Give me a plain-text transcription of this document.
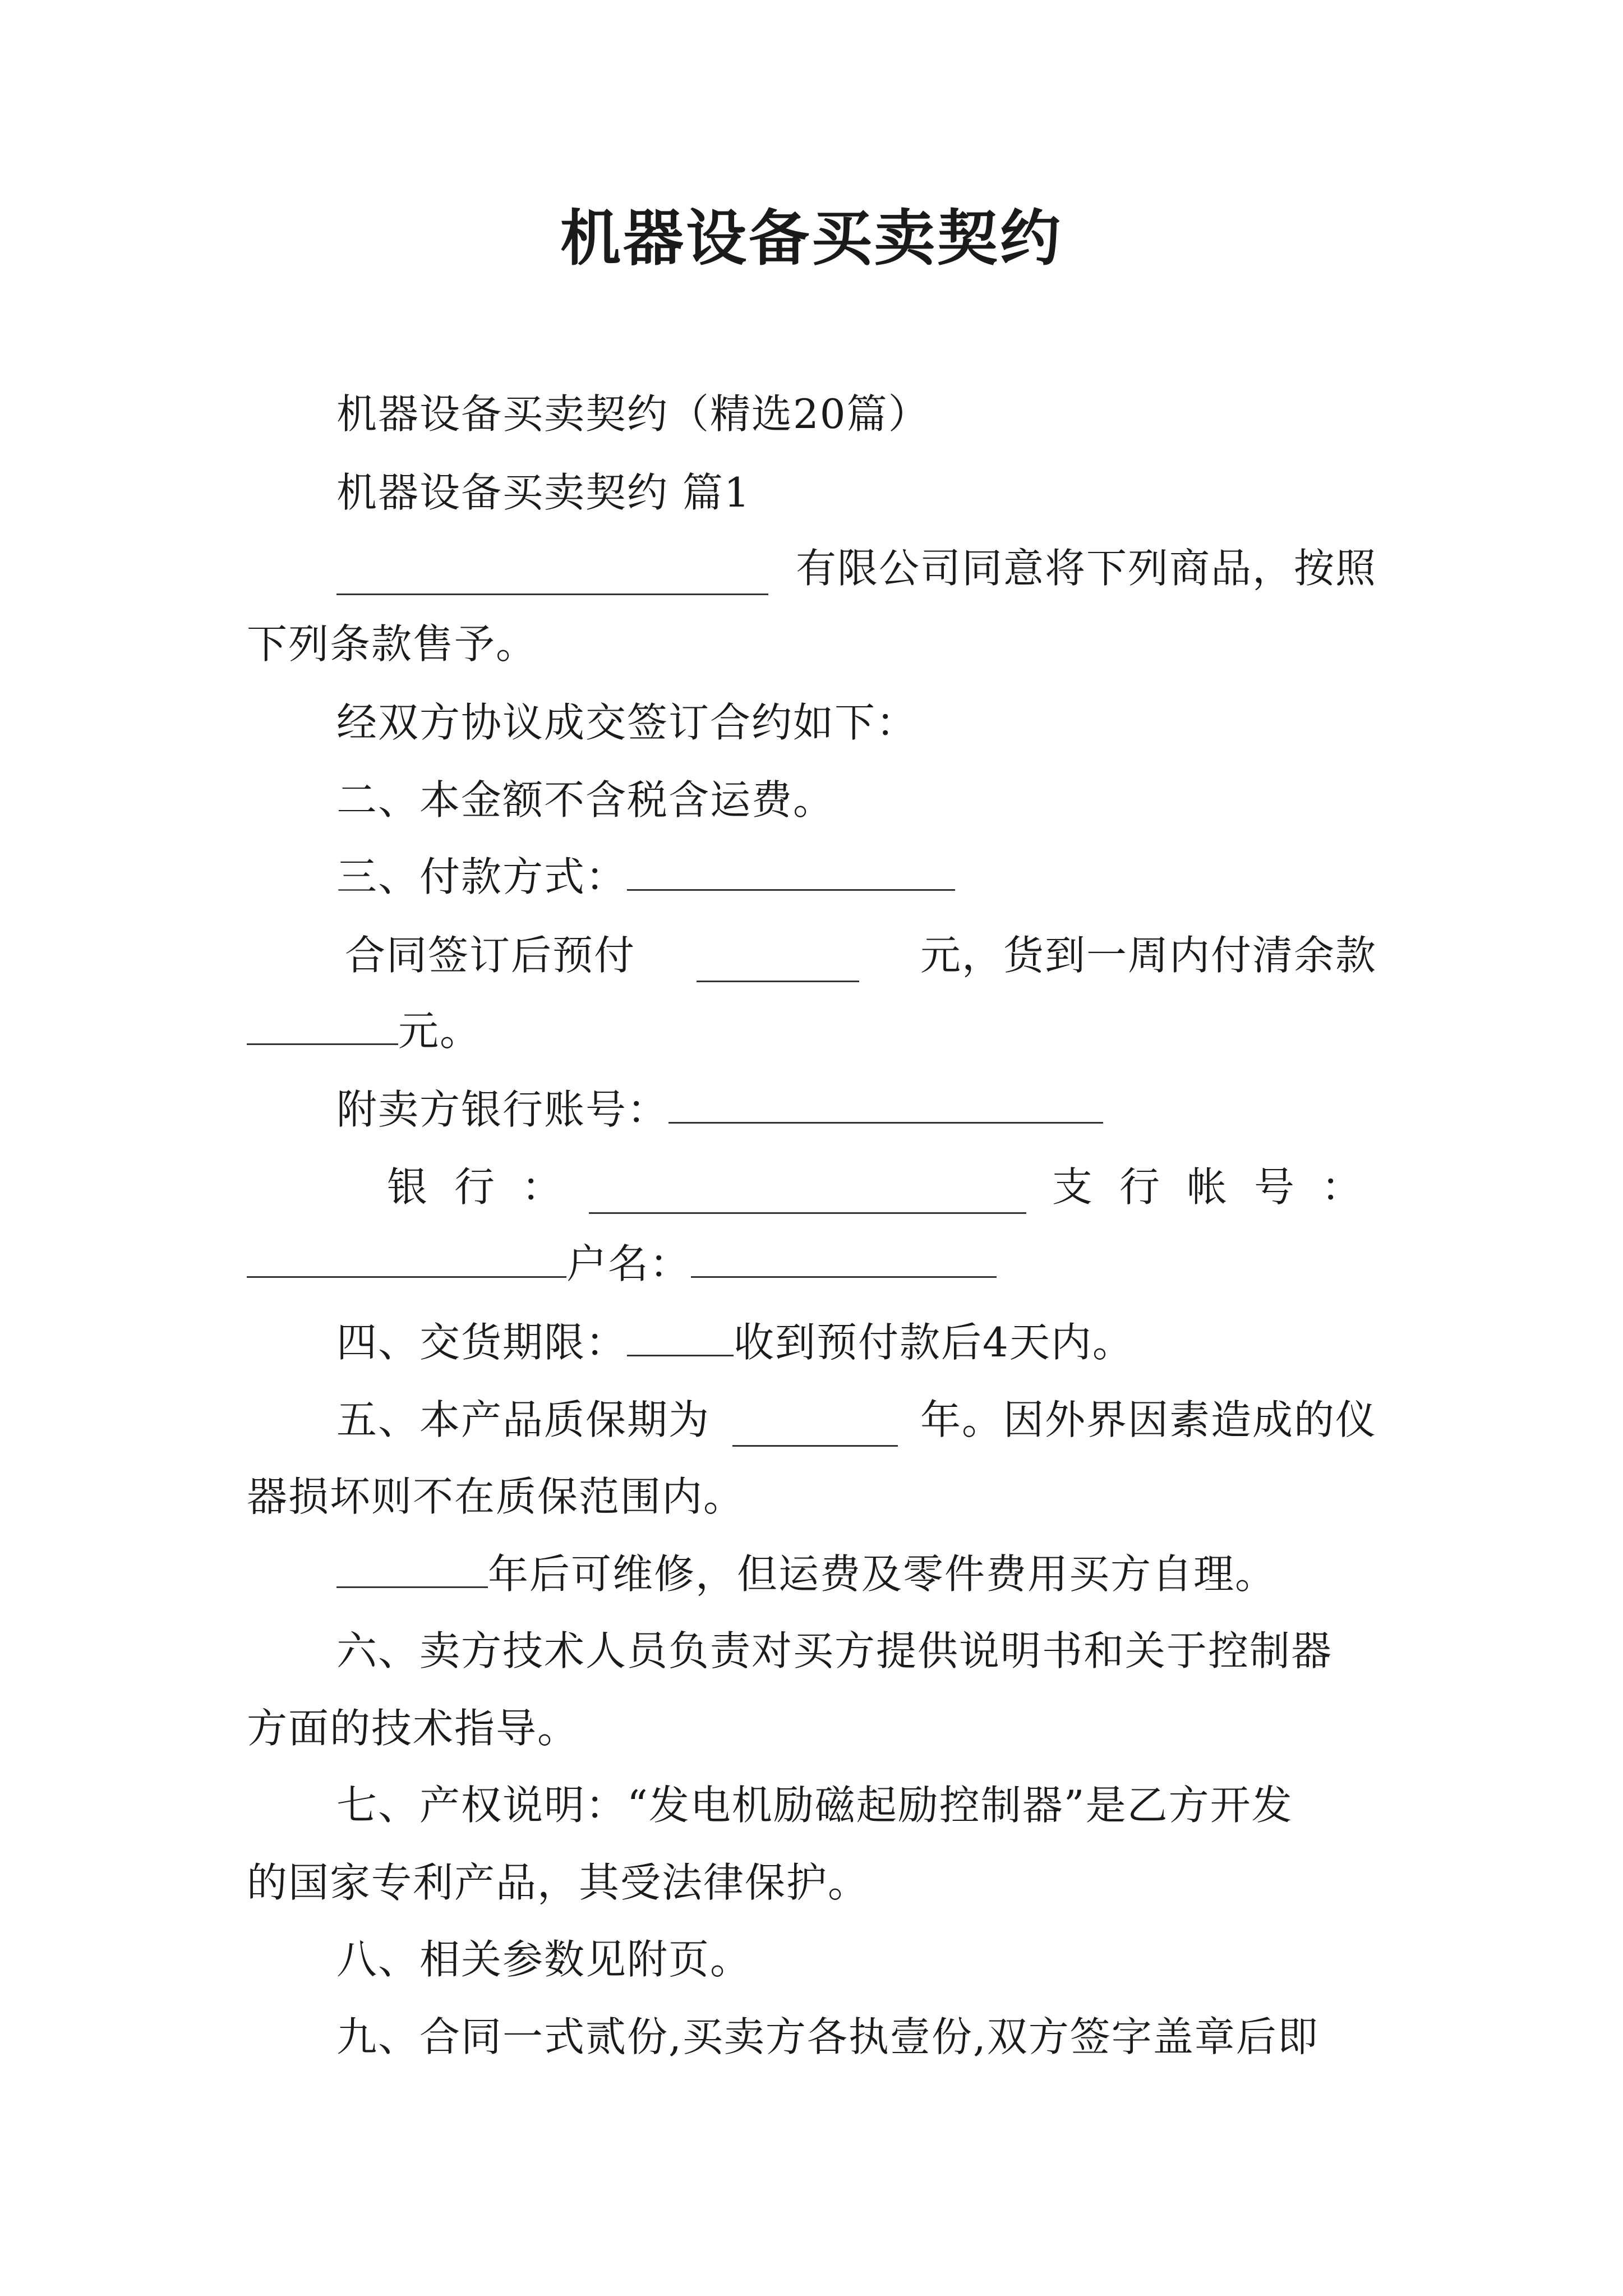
机器设备买卖契约
机器设备买卖契约（精选20篇）
机器设备买卖契约 篇1
有限公司同意将下列商品，按照
下列条款售予。
经双方协议成交签订合约如下：
二、本金额不含税含运费。
三、付款方式：
合同签订后预付	元，货到一周内付清余款
元。
附卖方银行账号：
银 行 ：	支 行 帐 号 ：
户名：
四、交货期限：	收到预付款后4天内。
五、本产品质保期为	年。因外界因素造成的仪
器损坏则不在质保范围内。
年后可维修，但运费及零件费用买方自理。
六、卖方技术人员负责对买方提供说明书和关于控制器
方面的技术指导。
七、产权说明：“发电机励磁起励控制器”是乙方开发
的国家专利产品，其受法律保护。
八、相关参数见附页。
九、合同一式贰份,买卖方各执壹份,双方签字盖章后即
